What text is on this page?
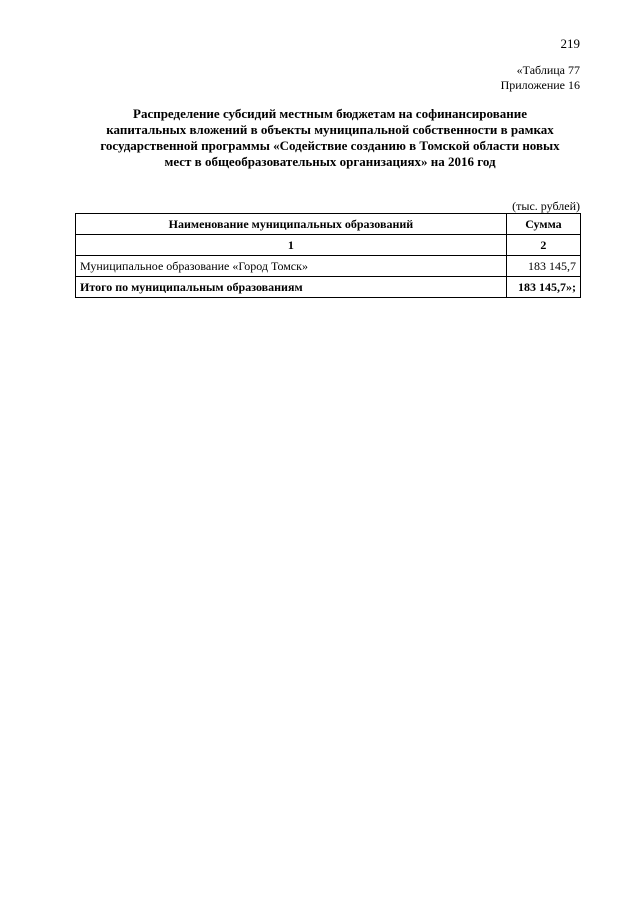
219
«Таблица 77
Приложение 16
Распределение субсидий местным бюджетам на софинансирование
капитальных вложений в объекты муниципальной собственности в рамках
государственной программы «Содействие созданию в Томской области новых
мест в общеобразовательных организациях» на 2016 год
(тыс. рублей)
Наименование муниципальных образований	Сумма
1	2
Муниципальное образование «Город Томск»	183 145,7
Итого по муниципальным образованиям	183 145,7»;
